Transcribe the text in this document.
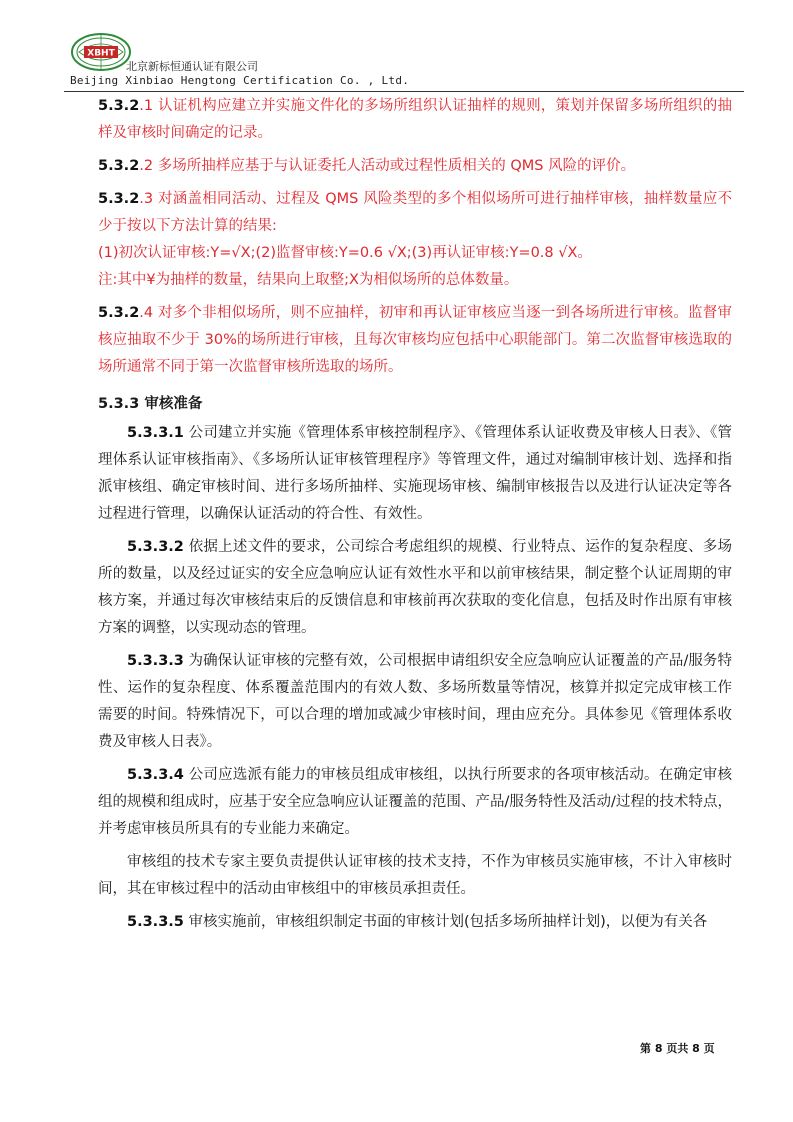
XBHT
北京新标恒通认证有限公司
Beijing Xinbiao Hengtong Certification Co. , Ltd.

5.3.2.1 认证机构应建立并实施文件化的多场所组织认证抽样的规则，策划并保留多场所组织的抽样及审核时间确定的记录。

5.3.2.2 多场所抽样应基于与认证委托人活动或过程性质相关的 QMS 风险的评价。

5.3.2.3 对涵盖相同活动、过程及 QMS 风险类型的多个相似场所可进行抽样审核，抽样数量应不少于按以下方法计算的结果:

(1)初次认证审核:Y=√X;(2)监督审核:Y=0.6 √X;(3)再认证审核:Y=0.8 √X。

注:其中¥为抽样的数量，结果向上取整;X为相似场所的总体数量。

5.3.2.4 对多个非相似场所，则不应抽样，初审和再认证审核应当逐一到各场所进行审核。监督审核应抽取不少于 30%的场所进行审核，且每次审核均应包括中心职能部门。第二次监督审核选取的场所通常不同于第一次监督审核所选取的场所。

5.3.3 审核准备

5.3.3.1 公司建立并实施《管理体系审核控制程序》、《管理体系认证收费及审核人日表》、《管理体系认证审核指南》、《多场所认证审核管理程序》等管理文件，通过对编制审核计划、选择和指派审核组、确定审核时间、进行多场所抽样、实施现场审核、编制审核报告以及进行认证决定等各过程进行管理，以确保认证活动的符合性、有效性。

5.3.3.2 依据上述文件的要求，公司综合考虑组织的规模、行业特点、运作的复杂程度、多场所的数量，以及经过证实的安全应急响应认证有效性水平和以前审核结果，制定整个认证周期的审核方案，并通过每次审核结束后的反馈信息和审核前再次获取的变化信息，包括及时作出原有审核方案的调整，以实现动态的管理。

5.3.3.3 为确保认证审核的完整有效，公司根据申请组织安全应急响应认证覆盖的产品/服务特性、运作的复杂程度、体系覆盖范围内的有效人数、多场所数量等情况，核算并拟定完成审核工作需要的时间。特殊情况下，可以合理的增加或减少审核时间，理由应充分。具体参见《管理体系收费及审核人日表》。

5.3.3.4 公司应选派有能力的审核员组成审核组，以执行所要求的各项审核活动。在确定审核组的规模和组成时，应基于安全应急响应认证覆盖的范围、产品/服务特性及活动/过程的技术特点，并考虑审核员所具有的专业能力来确定。

审核组的技术专家主要负责提供认证审核的技术支持，不作为审核员实施审核，不计入审核时间，其在审核过程中的活动由审核组中的审核员承担责任。

5.3.3.5 审核实施前，审核组织制定书面的审核计划(包括多场所抽样计划)，以便为有关各

第 8 页共 8 页
